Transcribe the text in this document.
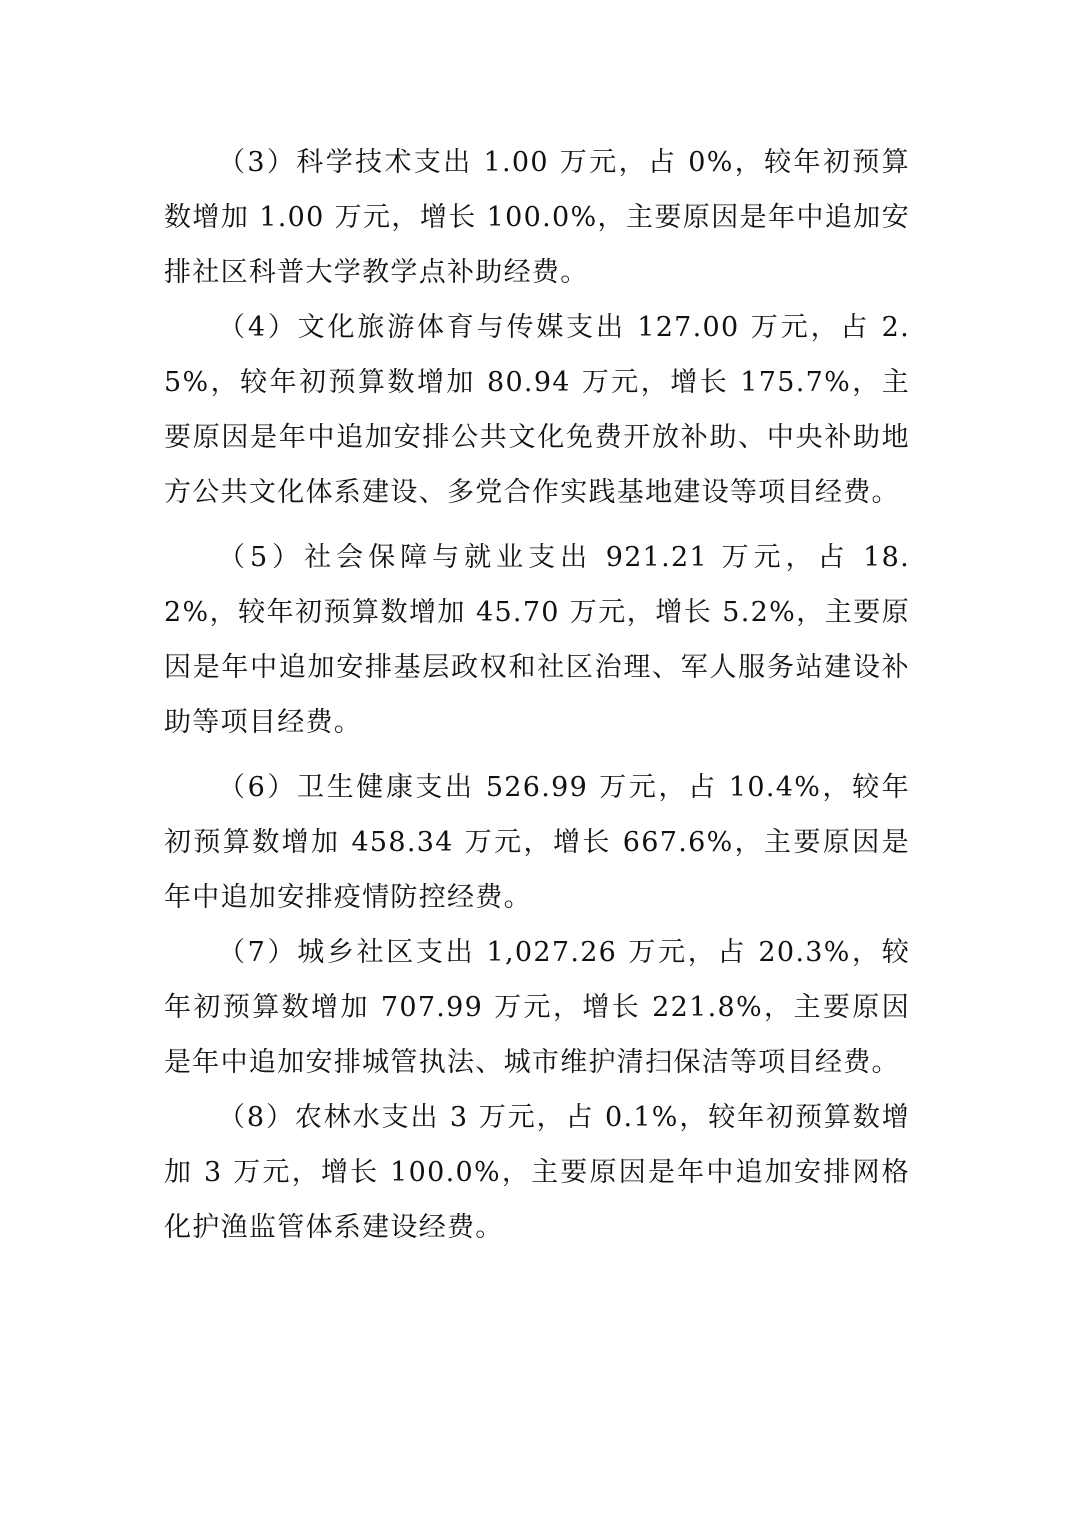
（3）科学技术支出 1.00 万元，占 0%，较年初预算数增加 1.00 万元，增长 100.0%，主要原因是年中追加安排社区科普大学教学点补助经费。

（4）文化旅游体育与传媒支出 127.00 万元，占 2.5%，较年初预算数增加 80.94 万元，增长 175.7%，主要原因是年中追加安排公共文化免费开放补助、中央补助地方公共文化体系建设、多党合作实践基地建设等项目经费。

（5）社会保障与就业支出 921.21 万元，占 18.2%，较年初预算数增加 45.70 万元，增长 5.2%，主要原因是年中追加安排基层政权和社区治理、军人服务站建设补助等项目经费。

（6）卫生健康支出 526.99 万元，占 10.4%，较年初预算数增加 458.34 万元，增长 667.6%，主要原因是年中追加安排疫情防控经费。

（7）城乡社区支出 1,027.26 万元，占 20.3%，较年初预算数增加 707.99 万元，增长 221.8%，主要原因是年中追加安排城管执法、城市维护清扫保洁等项目经费。

（8）农林水支出 3 万元，占 0.1%，较年初预算数增加 3 万元，增长 100.0%，主要原因是年中追加安排网格化护渔监管体系建设经费。
